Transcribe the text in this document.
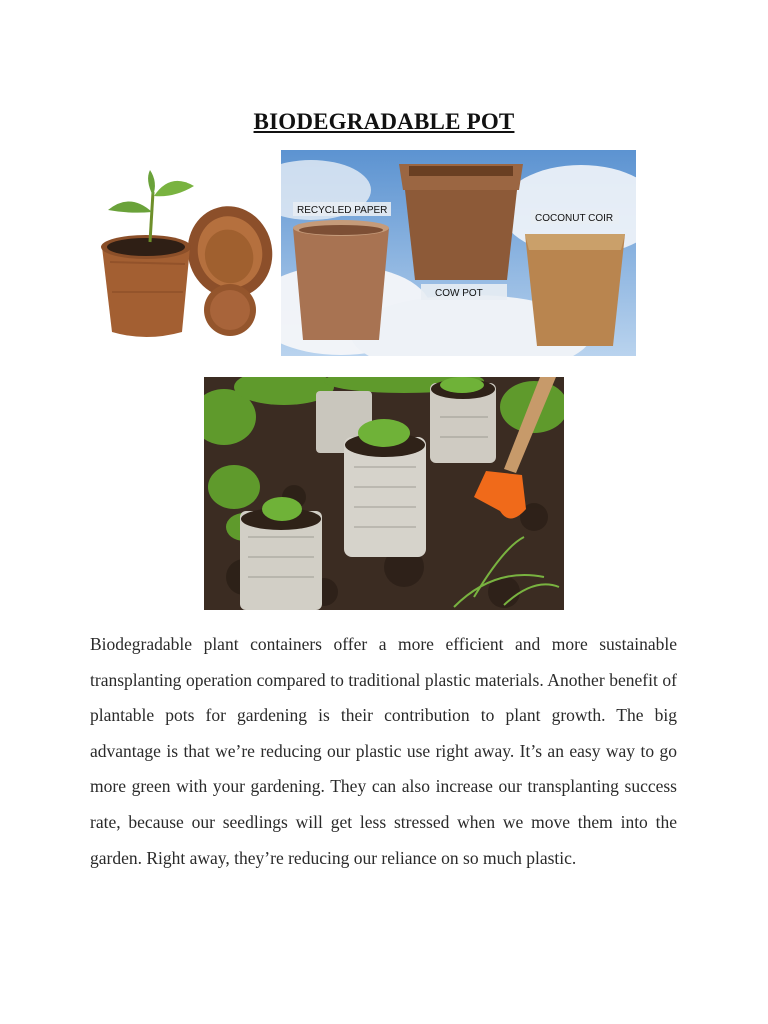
BIODEGRADABLE POT
RECYCLED PAPER
COCONUT COIR
COW POT

Biodegradable plant containers offer a more efficient and more sustainable transplanting operation compared to traditional plastic materials. Another benefit of plantable pots for gardening is their contribution to plant growth. The big advantage is that we’re reducing our plastic use right away. It’s an easy way to go more green with your gardening. They can also increase our transplanting success rate, because our seedlings will get less stressed when we move them into the garden. Right away, they’re reducing our reliance on so much plastic.
